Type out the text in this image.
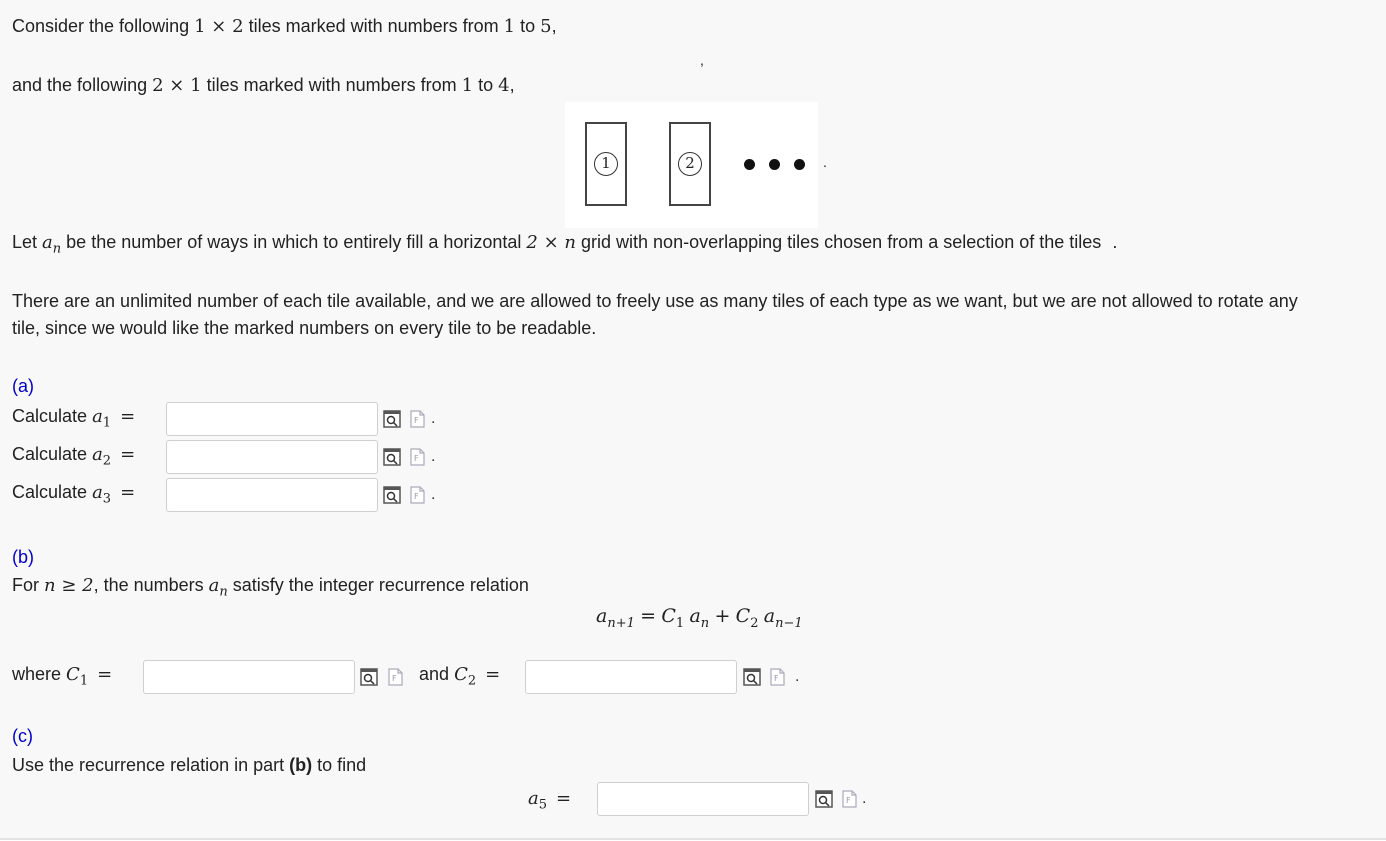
Consider the following 1 × 2 tiles marked with numbers from 1 to 5,
,
and the following 2 × 1 tiles marked with numbers from 1 to 4,
1	2	.
Let $a_n$ be the number of ways in which to entirely fill a horizontal 2 × n grid with non-overlapping tiles chosen from a selection of the tiles .
There are an unlimited number of each tile available, and we are allowed to freely use as many tiles of each type as we want, but we are not allowed to rotate any
tile, since we would like the marked numbers on every tile to be readable.
(a)
Calculate $a_1$ =	F .
Calculate $a_2$ =	F .
Calculate $a_3$ =	F .
(b)
For n ≥ 2, the numbers $a_n$ satisfy the integer recurrence relation
$a_{n+1} = C_1$ $a_n + C_2$ $a_{n-1}$
where $C_1$ =	F and $C_2$ =	F .
(c)
Use the recurrence relation in part (b) to find
$a_5$ =	F .
